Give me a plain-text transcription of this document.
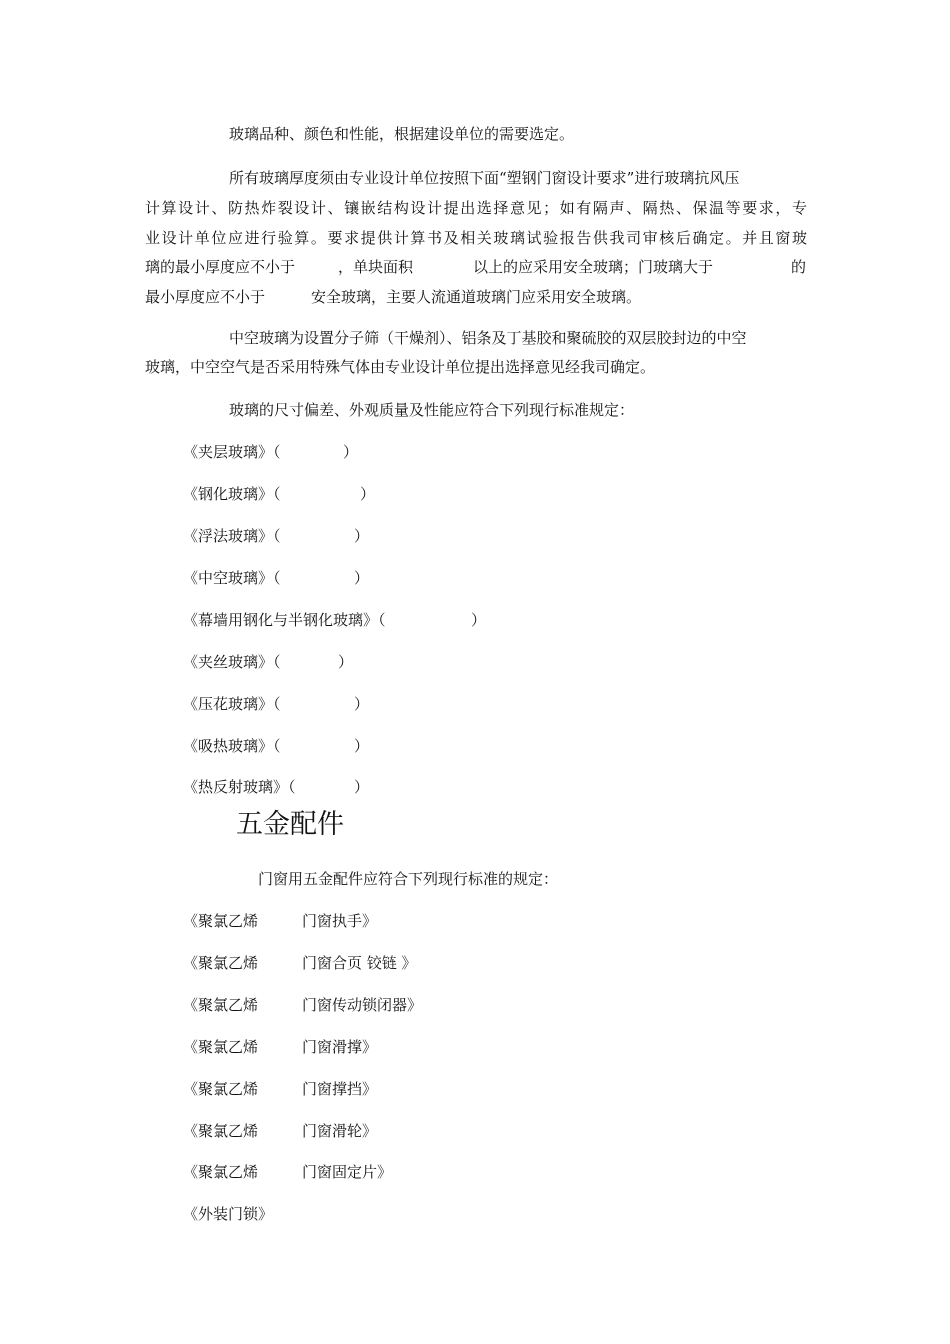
玻璃品种、颜色和性能，根据建设单位的需要选定。
所有玻璃厚度须由专业设计单位按照下面“塑钢门窗设计要求”进行玻璃抗风压
计算设计、防热炸裂设计、镶嵌结构设计提出选择意见；如有隔声、隔热、保温等要求，专
业设计单位应进行验算。要求提供计算书及相关玻璃试验报告供我司审核后确定。并且窗玻
璃的最小厚度应不小于	，单块面积	以上的应采用安全玻璃；门玻璃大于	的
最小厚度应不小于	安全玻璃，主要人流通道玻璃门应采用安全玻璃。
中空玻璃为设置分子筛（干燥剂）、铝条及丁基胶和聚硫胶的双层胶封边的中空
玻璃，中空空气是否采用特殊气体由专业设计单位提出选择意见经我司确定。
玻璃的尺寸偏差、外观质量及性能应符合下列现行标准规定：
《夹层玻璃》（	）
《钢化玻璃》（	）
《浮法玻璃》（	）
《中空玻璃》（	）
《幕墙用钢化与半钢化玻璃》（	）
《夹丝玻璃》（	）
《压花玻璃》（	）
《吸热玻璃》（	）
《热反射玻璃》（	）
五金配件
门窗用五金配件应符合下列现行标准的规定：
《聚氯乙烯	门窗执手》
《聚氯乙烯	门窗合页 铰链 》
《聚氯乙烯	门窗传动锁闭器》
《聚氯乙烯	门窗滑撑》
《聚氯乙烯	门窗撑挡》
《聚氯乙烯	门窗滑轮》
《聚氯乙烯	门窗固定片》
《外装门锁》
